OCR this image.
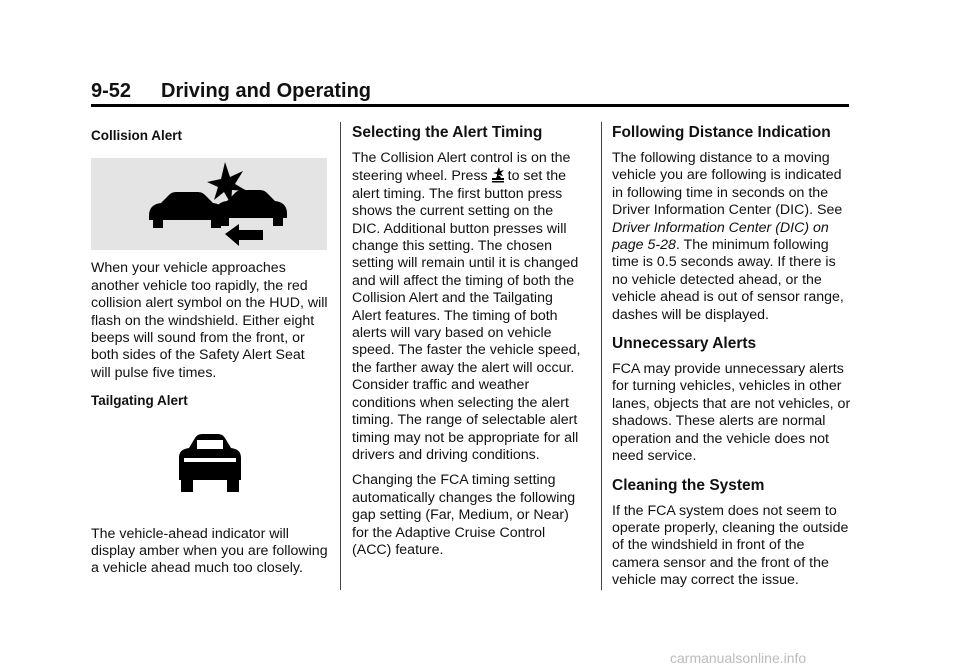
9-52 Driving and Operating
Collision Alert

When your vehicle approaches another vehicle too rapidly, the red collision alert symbol on the HUD, will flash on the windshield. Either eight beeps will sound from the front, or both sides of the Safety Alert Seat will pulse five times.

Tailgating Alert

The vehicle-ahead indicator will display amber when you are following a vehicle ahead much too closely.

Selecting the Alert Timing

The Collision Alert control is on the steering wheel. Press to set the alert timing. The first button press shows the current setting on the DIC. Additional button presses will change this setting. The chosen setting will remain until it is changed and will affect the timing of both the Collision Alert and the Tailgating Alert features. The timing of both alerts will vary based on vehicle speed. The faster the vehicle speed, the farther away the alert will occur. Consider traffic and weather conditions when selecting the alert timing. The range of selectable alert timing may not be appropriate for all drivers and driving conditions.

Changing the FCA timing setting automatically changes the following gap setting (Far, Medium, or Near) for the Adaptive Cruise Control (ACC) feature.

Following Distance Indication

The following distance to a moving vehicle you are following is indicated in following time in seconds on the Driver Information Center (DIC). See Driver Information Center (DIC) on page 5-28. The minimum following time is 0.5 seconds away. If there is no vehicle detected ahead, or the vehicle ahead is out of sensor range, dashes will be displayed.

Unnecessary Alerts

FCA may provide unnecessary alerts for turning vehicles, vehicles in other lanes, objects that are not vehicles, or shadows. These alerts are normal operation and the vehicle does not need service.

Cleaning the System

If the FCA system does not seem to operate properly, cleaning the outside of the windshield in front of the camera sensor and the front of the vehicle may correct the issue.

carmanualsonline.info
